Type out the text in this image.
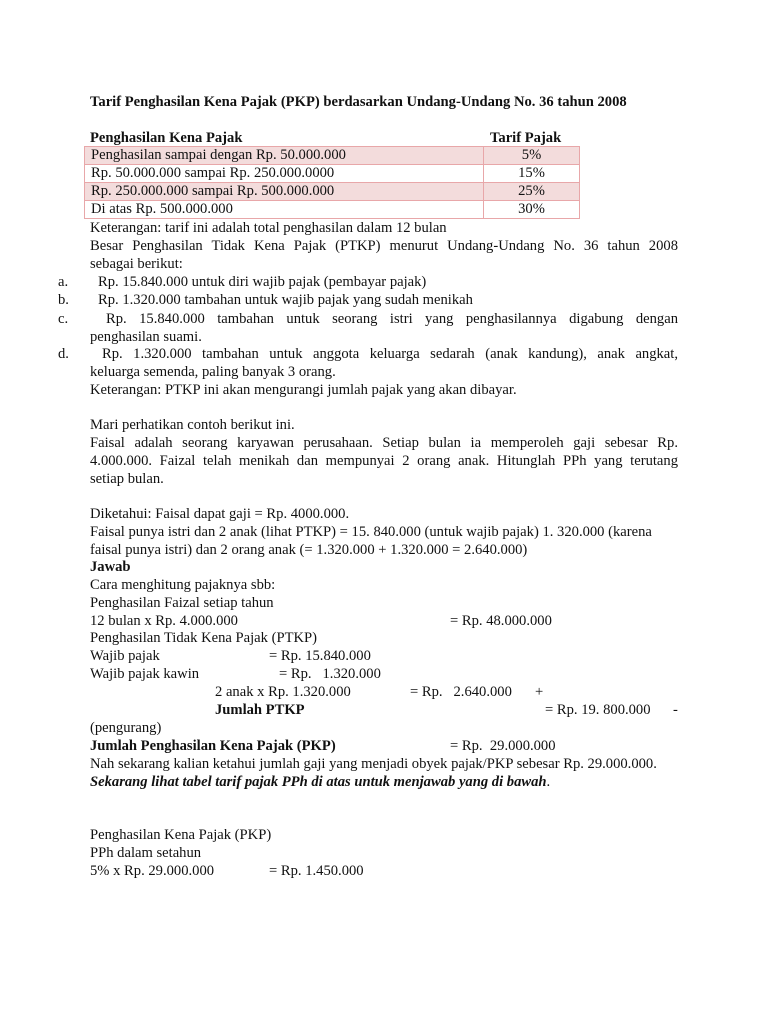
Tarif Penghasilan Kena Pajak (PKP) berdasarkan Undang-Undang No. 36 tahun 2008
Penghasilan Kena Pajak	Tarif Pajak
Penghasilan sampai dengan Rp. 50.000.000	5%
Rp. 50.000.000 sampai Rp. 250.000.0000	15%
Rp. 250.000.000 sampai Rp. 500.000.000	25%
Di atas Rp. 500.000.000	30%
Keterangan: tarif ini adalah total penghasilan dalam 12 bulan
Besar Penghasilan Tidak Kena Pajak (PTKP) menurut Undang-Undang No. 36 tahun 2008
sebagai berikut:
a. Rp. 15.840.000 untuk diri wajib pajak (pembayar pajak)
b. Rp. 1.320.000 tambahan untuk wajib pajak yang sudah menikah
c.	Rp. 15.840.000 tambahan untuk seorang istri yang penghasilannya digabung dengan
penghasilan suami.
d. Rp. 1.320.000 tambahan untuk anggota keluarga sedarah (anak kandung), anak angkat,
keluarga semenda, paling banyak 3 orang.
Keterangan: PTKP ini akan mengurangi jumlah pajak yang akan dibayar.
Mari perhatikan contoh berikut ini.
Faisal adalah seorang karyawan perusahaan. Setiap bulan ia memperoleh gaji sebesar Rp.
4.000.000. Faizal telah menikah dan mempunyai 2 orang anak. Hitunglah PPh yang terutang
setiap bulan.
Diketahui: Faisal dapat gaji = Rp. 4000.000.
Faisal punya istri dan 2 anak (lihat PTKP) = 15. 840.000 (untuk wajib pajak) 1. 320.000 (karena
faisal punya istri) dan 2 orang anak (= 1.320.000 + 1.320.000 = 2.640.000)
Jawab
Cara menghitung pajaknya sbb:
Penghasilan Faizal setiap tahun
12 bulan x Rp. 4.000.000	= Rp. 48.000.000
Penghasilan Tidak Kena Pajak (PTKP)
Wajib pajak	= Rp. 15.840.000
Wajib pajak kawin	= Rp.   1.320.000
2 anak x Rp. 1.320.000	= Rp.   2.640.000 +
Jumlah PTKP	= Rp. 19. 800.000 -
(pengurang)
Jumlah Penghasilan Kena Pajak (PKP)	= Rp.  29.000.000
Nah sekarang kalian ketahui jumlah gaji yang menjadi obyek pajak/PKP sebesar Rp. 29.000.000.
Sekarang lihat tabel tarif pajak PPh di atas untuk menjawab yang di bawah.
Penghasilan Kena Pajak (PKP)
PPh dalam setahun
5% x Rp. 29.000.000	= Rp. 1.450.000
